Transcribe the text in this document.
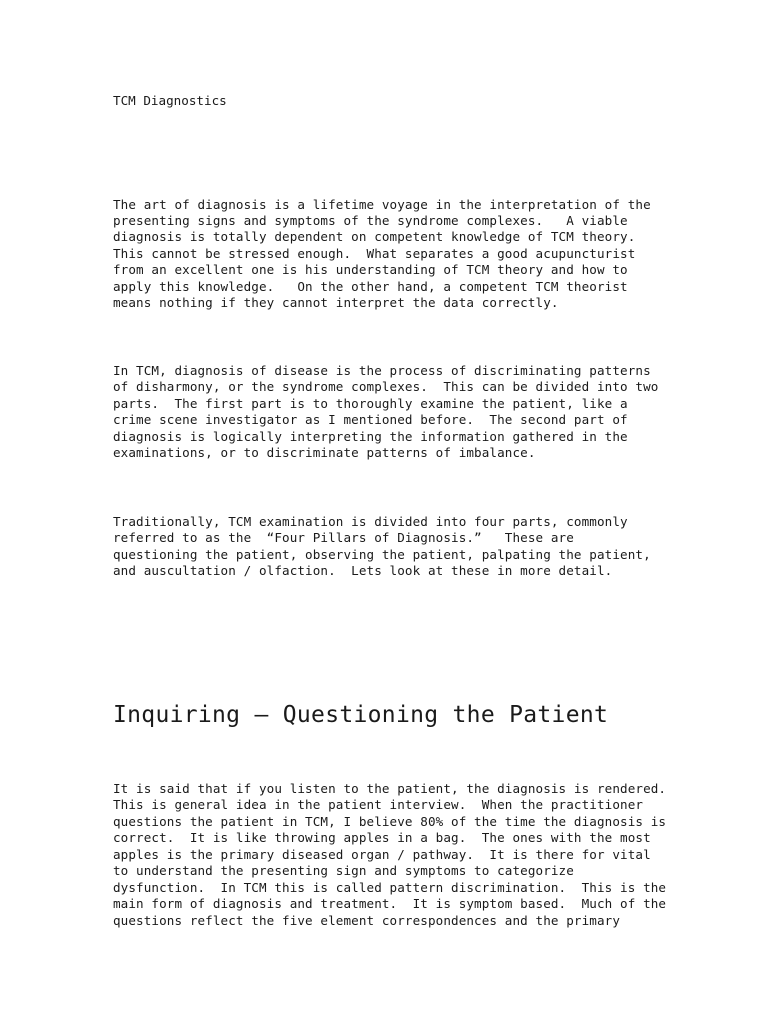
TCM Diagnostics
The art of diagnosis is a lifetime voyage in the interpretation of the
presenting signs and symptoms of the syndrome complexes.   A viable
diagnosis is totally dependent on competent knowledge of TCM theory.
This cannot be stressed enough.  What separates a good acupuncturist
from an excellent one is his understanding of TCM theory and how to
apply this knowledge.   On the other hand, a competent TCM theorist
means nothing if they cannot interpret the data correctly.
In TCM, diagnosis of disease is the process of discriminating patterns
of disharmony, or the syndrome complexes.  This can be divided into two
parts.  The first part is to thoroughly examine the patient, like a
crime scene investigator as I mentioned before.  The second part of
diagnosis is logically interpreting the information gathered in the
examinations, or to discriminate patterns of imbalance.
Traditionally, TCM examination is divided into four parts, commonly
referred to as the  “Four Pillars of Diagnosis.”   These are
questioning the patient, observing the patient, palpating the patient,
and auscultation / olfaction.  Lets look at these in more detail.
Inquiring — Questioning the Patient
It is said that if you listen to the patient, the diagnosis is rendered.
This is general idea in the patient interview.  When the practitioner
questions the patient in TCM, I believe 80% of the time the diagnosis is
correct.  It is like throwing apples in a bag.  The ones with the most
apples is the primary diseased organ / pathway.  It is there for vital
to understand the presenting sign and symptoms to categorize
dysfunction.  In TCM this is called pattern discrimination.  This is the
main form of diagnosis and treatment.  It is symptom based.  Much of the
questions reflect the five element correspondences and the primary
